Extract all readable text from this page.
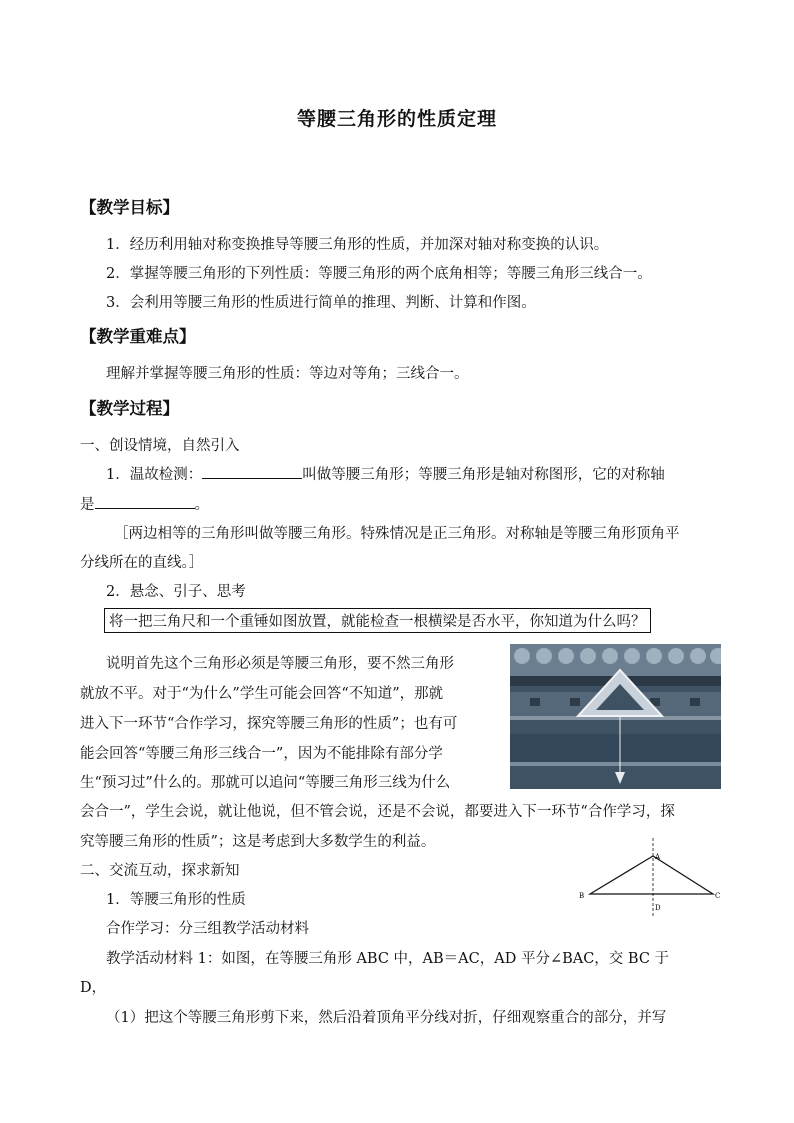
等腰三角形的性质定理
【教学目标】
1．经历利用轴对称变换推导等腰三角形的性质，并加深对轴对称变换的认识。
2．掌握等腰三角形的下列性质：等腰三角形的两个底角相等；等腰三角形三线合一。
3．会利用等腰三角形的性质进行简单的推理、判断、计算和作图。
【教学重难点】
理解并掌握等腰三角形的性质：等边对等角；三线合一。
【教学过程】
一、创设情境，自然引入
1．温故检测：	叫做等腰三角形；等腰三角形是轴对称图形，它的对称轴
是	。
［两边相等的三角形叫做等腰三角形。特殊情况是正三角形。对称轴是等腰三角形顶角平
分线所在的直线。］
2．悬念、引子、思考
将一把三角尺和一个重锤如图放置，就能检查一根横梁是否水平，你知道为什么吗？
说明首先这个三角形必须是等腰三角形，要不然三角形
就放不平。对于“为什么”学生可能会回答“不知道”，那就
进入下一环节“合作学习，探究等腰三角形的性质”；也有可
能会回答“等腰三角形三线合一”，因为不能排除有部分学
生“预习过”什么的。那就可以追问“等腰三角形三线为什么
会合一”，学生会说，就让他说，但不管会说，还是不会说，都要进入下一环节“合作学习，探
究等腰三角形的性质”；这是考虑到大多数学生的利益。
A
B	C
D
二、交流互动，探求新知
1．等腰三角形的性质
合作学习：分三组教学活动材料
教学活动材料 1：如图，在等腰三角形 ABC 中，AB＝AC，AD 平分∠BAC，交 BC 于
D，
（1）把这个等腰三角形剪下来，然后沿着顶角平分线对折，仔细观察重合的部分，并写
